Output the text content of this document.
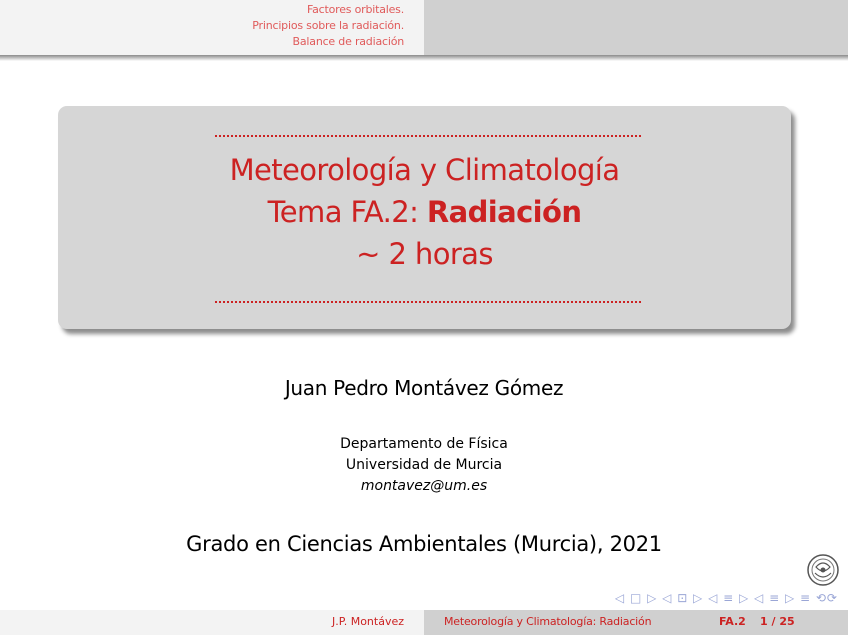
Factores orbitales.
Principios sobre la radiación.
Balance de radiación
Meteorología y Climatología
Tema FA.2: Radiación
∼ 2 horas
Juan Pedro Montávez Gómez
Departamento de Física
Universidad de Murcia
montavez@um.es
Grado en Ciencias Ambientales (Murcia), 2021
◁ □ ▷ ◁ ⊡ ▷ ◁ ≡ ▷ ◁ ≡ ▷ ≡ ⟲⟳
J.P. Montávez	Meteorología y Climatología: Radiación	FA.2 1 / 25
